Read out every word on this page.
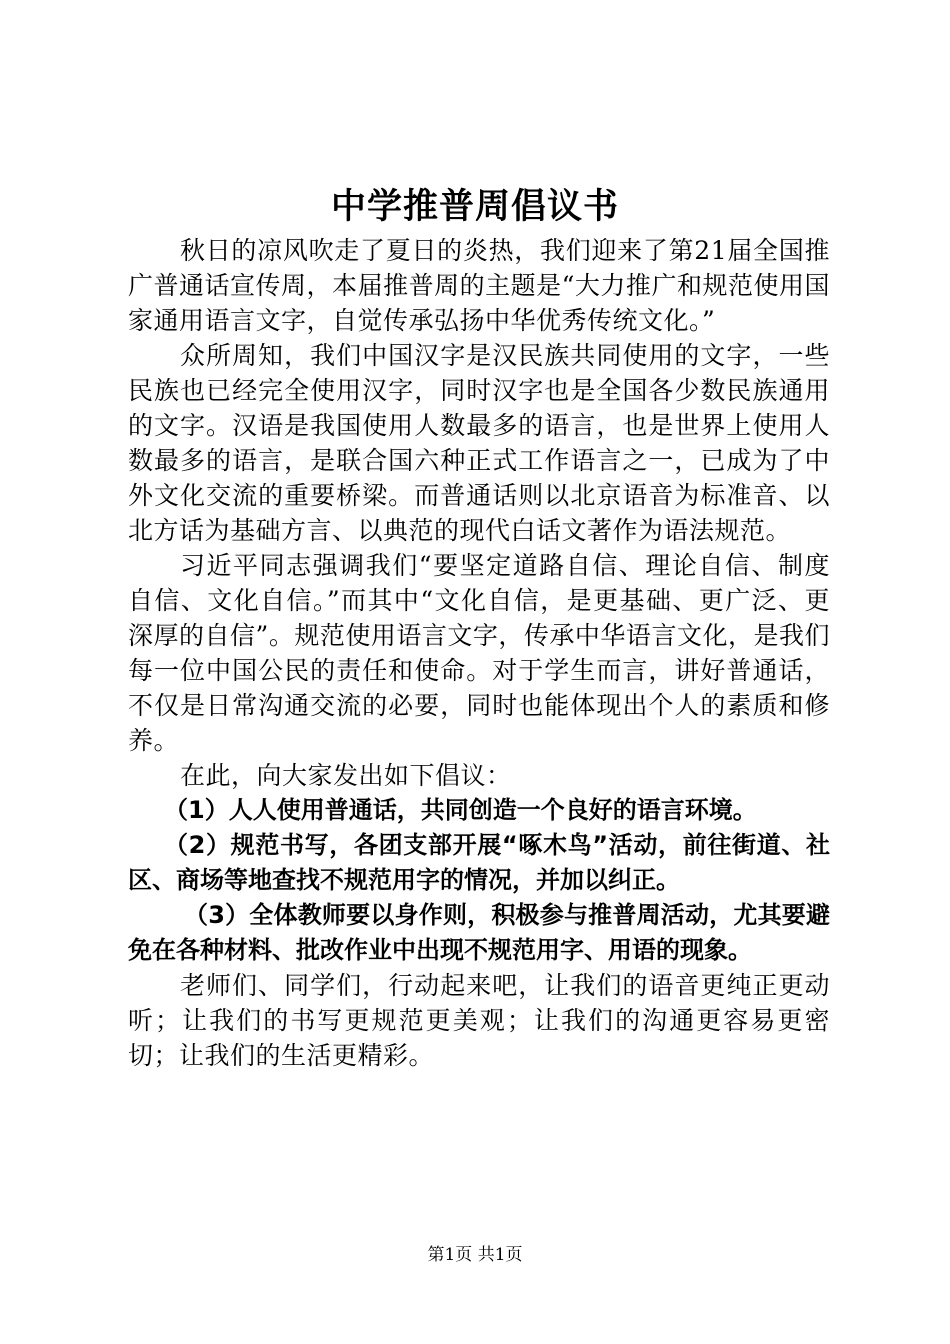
中学推普周倡议书

秋日的凉风吹走了夏日的炎热，我们迎来了第21届全国推广普通话宣传周，本届推普周的主题是“大力推广和规范使用国家通用语言文字，自觉传承弘扬中华优秀传统文化。”

众所周知，我们中国汉字是汉民族共同使用的文字，一些民族也已经完全使用汉字，同时汉字也是全国各少数民族通用的文字。汉语是我国使用人数最多的语言，也是世界上使用人数最多的语言，是联合国六种正式工作语言之一，已成为了中外文化交流的重要桥梁。而普通话则以北京语音为标准音、以北方话为基础方言、以典范的现代白话文著作为语法规范。

习近平同志强调我们“要坚定道路自信、理论自信、制度自信、文化自信。”而其中“文化自信，是更基础、更广泛、更深厚的自信”。规范使用语言文字，传承中华语言文化，是我们每一位中国公民的责任和使命。对于学生而言，讲好普通话，不仅是日常沟通交流的必要，同时也能体现出个人的素质和修养。

在此，向大家发出如下倡议：

（1）人人使用普通话，共同创造一个良好的语言环境。

（2）规范书写，各团支部开展“啄木鸟”活动，前往街道、社区、商场等地查找不规范用字的情况，并加以纠正。

（3）全体教师要以身作则，积极参与推普周活动，尤其要避免在各种材料、批改作业中出现不规范用字、用语的现象。

老师们、同学们，行动起来吧，让我们的语音更纯正更动听；让我们的书写更规范更美观；让我们的沟通更容易更密切；让我们的生活更精彩。

第1页 共1页
